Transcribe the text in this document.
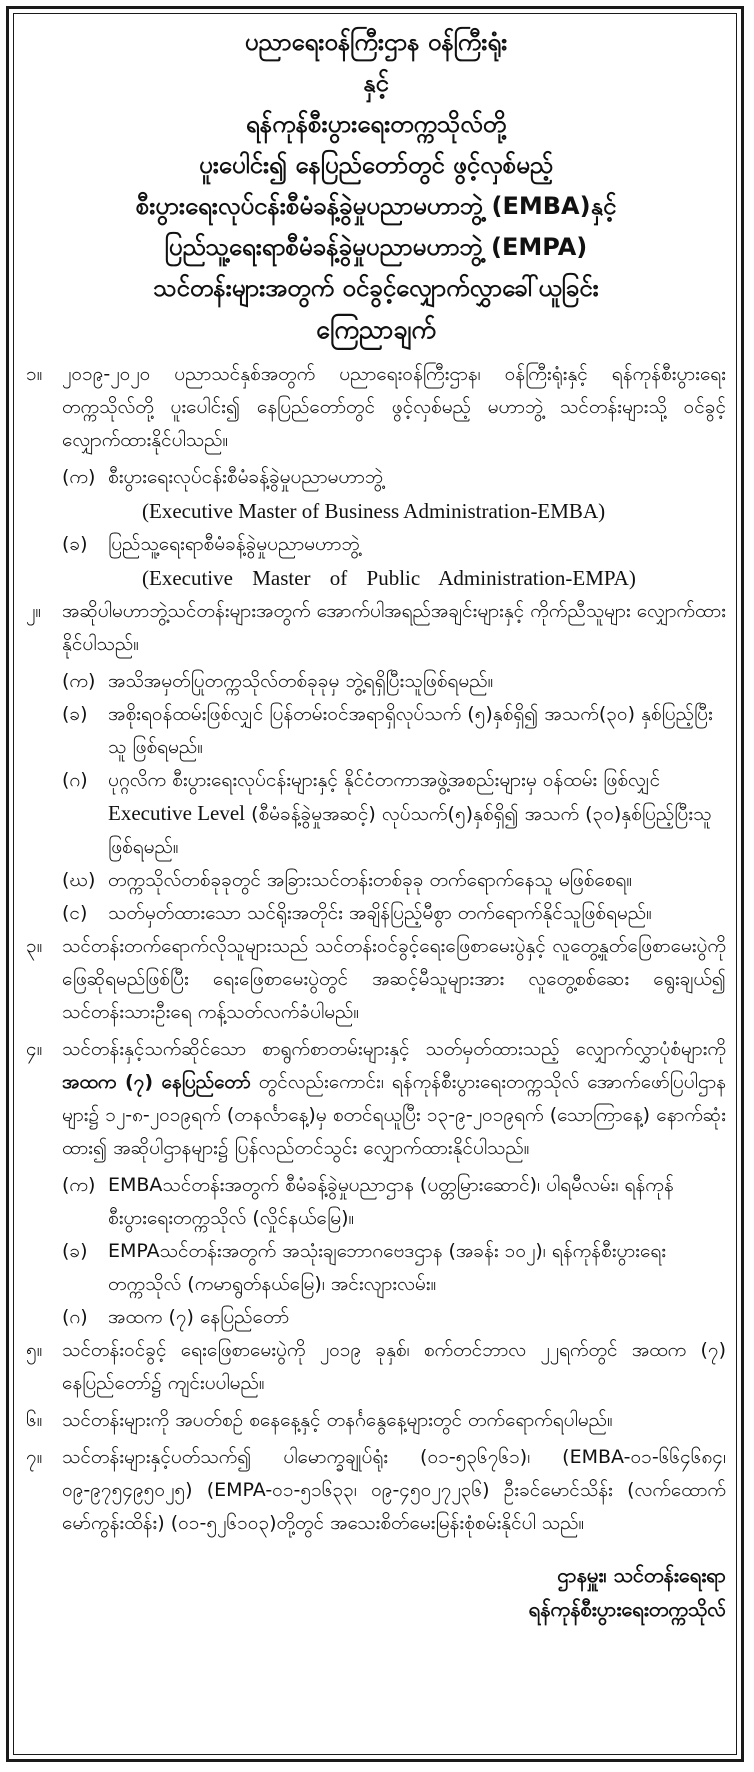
ပညာရေးဝန်ကြီးဌာန ဝန်ကြီးရုံး

နှင့်

ရန်ကုန်စီးပွားရေးတက္ကသိုလ်တို့

ပူးပေါင်း၍ နေပြည်တော်တွင် ဖွင့်လှစ်မည့်

စီးပွားရေးလုပ်ငန်းစီမံခန့်ခွဲမှုပညာမဟာဘွဲ့ (EMBA)နှင့်

ပြည်သူ့ရေးရာစီမံခန့်ခွဲမှုပညာမဟာဘွဲ့ (EMPA)

သင်တန်းများအတွက် ဝင်ခွင့်လျှောက်လွှာခေါ်ယူခြင်း

ကြေညာချက်

၁။	၂၀၁၉-၂၀၂၀ ပညာသင်နှစ်အတွက် ပညာရေးဝန်ကြီးဌာန၊ ဝန်ကြီးရုံးနှင့် ရန်ကုန်စီးပွားရေးတက္ကသိုလ်တို့ ပူးပေါင်း၍ နေပြည်တော်တွင် ဖွင့်လှစ်မည့် မဟာဘွဲ့ သင်တန်းများသို့ ဝင်ခွင့်လျှောက်ထားနိုင်ပါသည်။
(က) စီးပွားရေးလုပ်ငန်းစီမံခန့်ခွဲမှုပညာမဟာဘွဲ့
(Executive Master of Business Administration-EMBA)
(ခ)	ပြည်သူ့ရေးရာစီမံခန့်ခွဲမှုပညာမဟာဘွဲ့
(Executive Master of Public Administration-EMPA)
၂။	အဆိုပါမဟာဘွဲ့သင်တန်းများအတွက် အောက်ပါအရည်အချင်းများနှင့် ကိုက်ညီသူများ လျှောက်ထားနိုင်ပါသည်။
(က) အသိအမှတ်ပြုတက္ကသိုလ်တစ်ခုခုမှ ဘွဲ့ရရှိပြီးသူဖြစ်ရမည်။
(ခ)	အစိုးရဝန်ထမ်းဖြစ်လျှင် ပြန်တမ်းဝင်အရာရှိလုပ်သက် (၅)နှစ်ရှိ၍ အသက်(၃၀) နှစ်ပြည့်ပြီးသူ ဖြစ်ရမည်။
(ဂ)	ပုဂ္ဂလိက စီးပွားရေးလုပ်ငန်းများနှင့် နိုင်ငံတကာအဖွဲ့အစည်းများမှ ဝန်ထမ်း ဖြစ်လျှင် Executive Level (စီမံခန့်ခွဲမှုအဆင့်) လုပ်သက်(၅)နှစ်ရှိ၍ အသက် (၃၀)နှစ်ပြည့်ပြီးသူဖြစ်ရမည်။
(ဃ) တက္ကသိုလ်တစ်ခုခုတွင် အခြားသင်တန်းတစ်ခုခု တက်ရောက်နေသူ မဖြစ်စေရ။
(င)	သတ်မှတ်ထားသော သင်ရိုးအတိုင်း အချိန်ပြည့်မီစွာ တက်ရောက်နိုင်သူဖြစ်ရမည်။
၃။	သင်တန်းတက်ရောက်လိုသူများသည် သင်တန်းဝင်ခွင့်ရေးဖြေစာမေးပွဲနှင့် လူတွေ့နှုတ်ဖြေစာမေးပွဲကို ဖြေဆိုရမည်ဖြစ်ပြီး ရေးဖြေစာမေးပွဲတွင် အဆင့်မီသူများအား လူတွေ့စစ်ဆေး ရွေးချယ်၍ သင်တန်းသားဦးရေ ကန့်သတ်လက်ခံပါမည်။
၄။	သင်တန်းနှင့်သက်ဆိုင်သော စာရွက်စာတမ်းများနှင့် သတ်မှတ်ထားသည့် လျှောက်လွှာပုံစံများကို အထက (၇) နေပြည်တော် တွင်လည်းကောင်း၊ ရန်ကုန်စီးပွားရေးတက္ကသိုလ် အောက်ဖော်ပြပါဌာနများ၌ ၁၂-၈-၂၀၁၉ရက် (တနင်္လာနေ့)မှ စတင်ရယူပြီး ၁၃-၉-၂၀၁၉ရက် (သောကြာနေ့) နောက်ဆုံးထား၍ အဆိုပါဌာနများ၌ ပြန်လည်တင်သွင်း လျှောက်ထားနိုင်ပါသည်။
(က) EMBAသင်တန်းအတွက် စီမံခန့်ခွဲမှုပညာဌာန (ပတ္တမြားဆောင်)၊ ပါရမီလမ်း၊ ရန်ကုန်စီးပွားရေးတက္ကသိုလ် (လှိုင်နယ်မြေ)။
(ခ)	EMPAသင်တန်းအတွက် အသုံးချဘောဂဗေဒဌာန (အခန်း ၁၀၂)၊ ရန်ကုန်စီးပွားရေးတက္ကသိုလ် (ကမာရွတ်နယ်မြေ)၊ အင်းလျားလမ်း။
(ဂ)	အထက (၇) နေပြည်တော်
၅။	သင်တန်းဝင်ခွင့် ရေးဖြေစာမေးပွဲကို ၂၀၁၉ ခုနှစ်၊ စက်တင်ဘာလ ၂၂ရက်တွင် အထက (၇) နေပြည်တော်၌ ကျင်းပပါမည်။
၆။	သင်တန်းများကို အပတ်စဉ် စနေနေ့နှင့် တနင်္ဂနွေနေ့များတွင် တက်ရောက်ရပါမည်။
၇။	သင်တန်းများနှင့်ပတ်သက်၍ ပါမောက္ခချုပ်ရုံး (၀၁-၅၃၆၇၆၁)၊ (EMBA-၀၁-၆၆၄၆၈၄၊ ၀၉-၉၇၅၄၉၅၀၂၅) (EMPA-၀၁-၅၁၆၃၃၊ ၀၉-၄၅၀၂၇၂၃၆) ဦးခင်မောင်သိန်း (လက်ထောက်မော်ကွန်းထိန်း) (၀၁-၅၂၆၁၀၃)တို့တွင် အသေးစိတ်မေးမြန်းစုံစမ်းနိုင်ပါ သည်။
ဌာနမှူး၊ သင်တန်းရေးရာ
ရန်ကုန်စီးပွားရေးတက္ကသိုလ်
